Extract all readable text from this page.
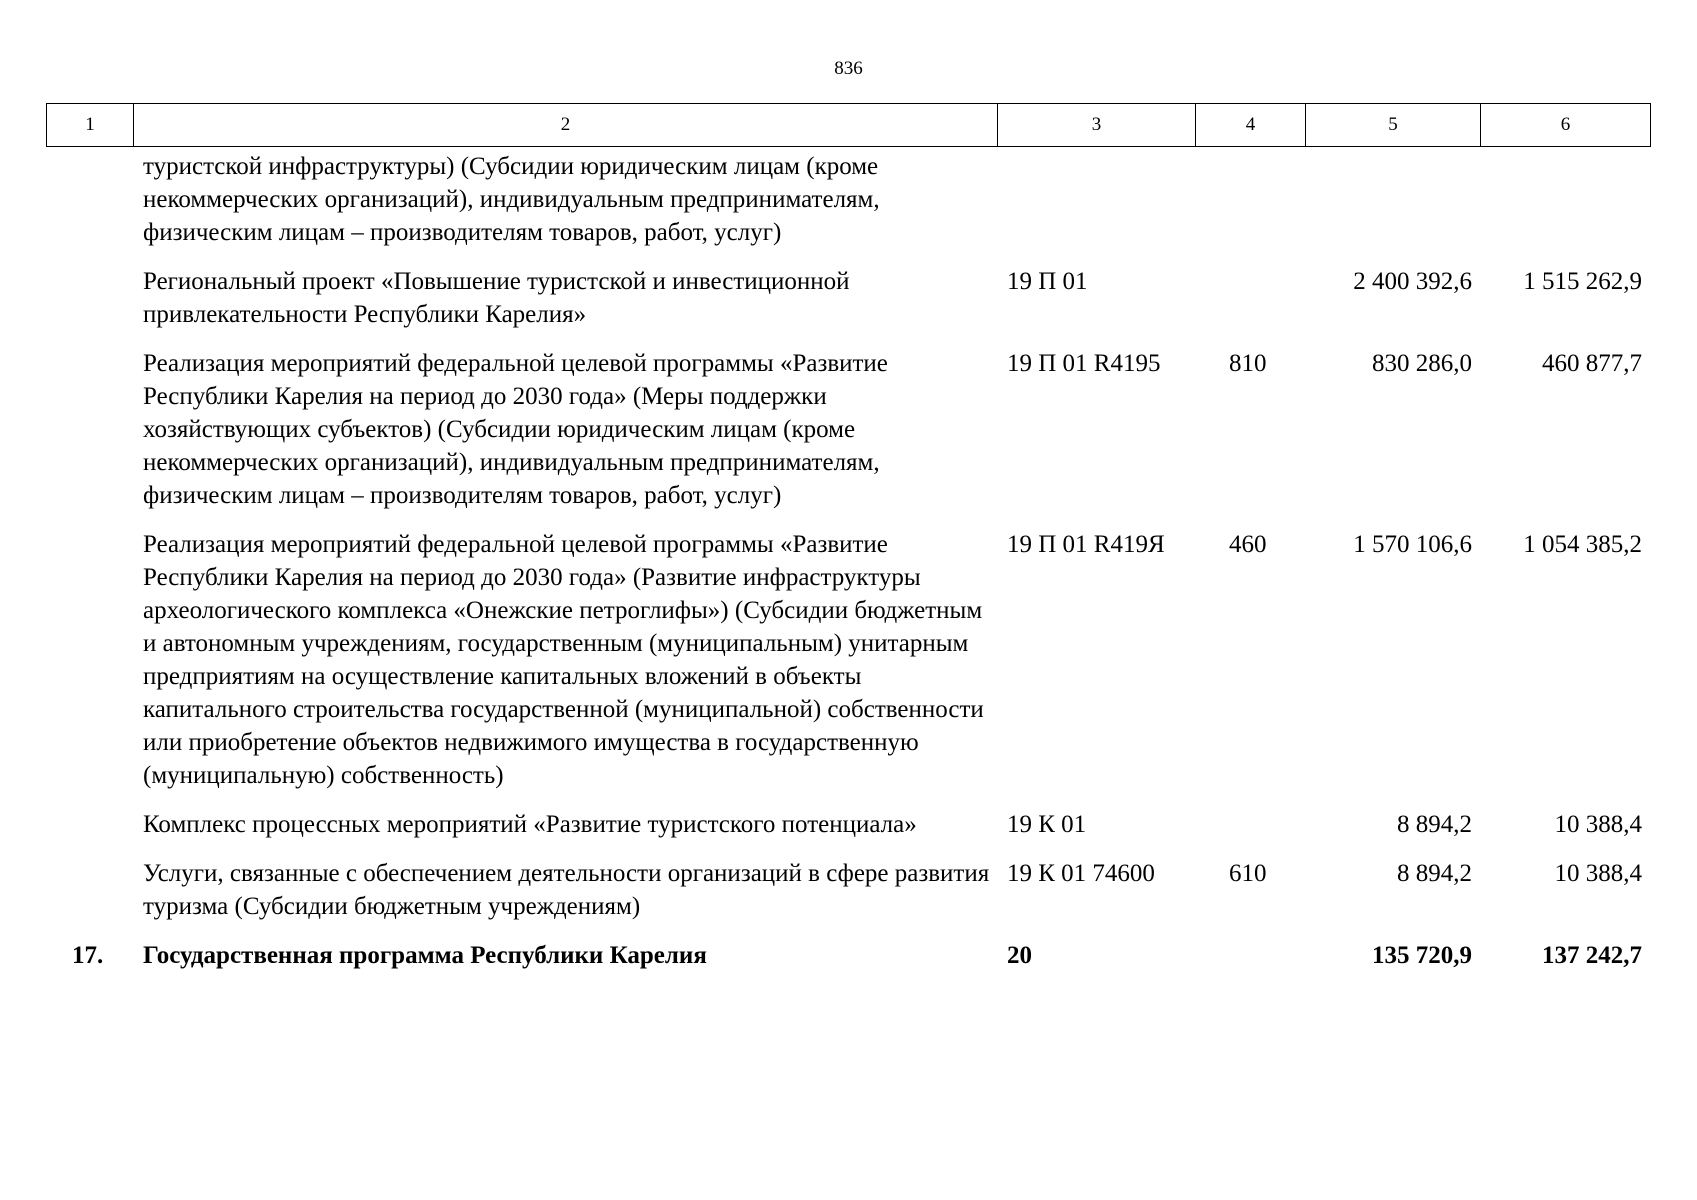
836
1	2	3	4	5	6
	туристской инфраструктуры) (Субсидии юридическим лицам (кроме некоммерческих организаций), индивидуальным предпринимателям, физическим лицам – производителям товаров, работ, услуг)				
	Региональный проект «Повышение туристской и инвестиционной привлекательности Республики Карелия»	19 П 01		2 400 392,6	1 515 262,9
	Реализация мероприятий федеральной целевой программы «Развитие Республики Карелия на период до 2030 года» (Меры поддержки хозяйствующих субъектов) (Субсидии юридическим лицам (кроме некоммерческих организаций), индивидуальным предпринимателям, физическим лицам – производителям товаров, работ, услуг)	19 П 01 R4195	810	830 286,0	460 877,7
	Реализация мероприятий федеральной целевой программы «Развитие Республики Карелия на период до 2030 года» (Развитие инфраструктуры археологического комплекса «Онежские петроглифы») (Субсидии бюджетным и автономным учреждениям, государственным (муниципальным) унитарным предприятиям на осуществление капитальных вложений в объекты капитального строительства государственной (муниципальной) собственности или приобретение объектов недвижимого имущества в государственную (муниципальную) собственность)	19 П 01 R419Я	460	1 570 106,6	1 054 385,2
	Комплекс процессных мероприятий «Развитие туристского потенциала»	19 К 01		8 894,2	10 388,4
	Услуги, связанные с обеспечением деятельности организаций в сфере развития туризма (Субсидии бюджетным учреждениям)	19 К 01 74600	610	8 894,2	10 388,4
17.	Государственная программа Республики Карелия	20		135 720,9	137 242,7
